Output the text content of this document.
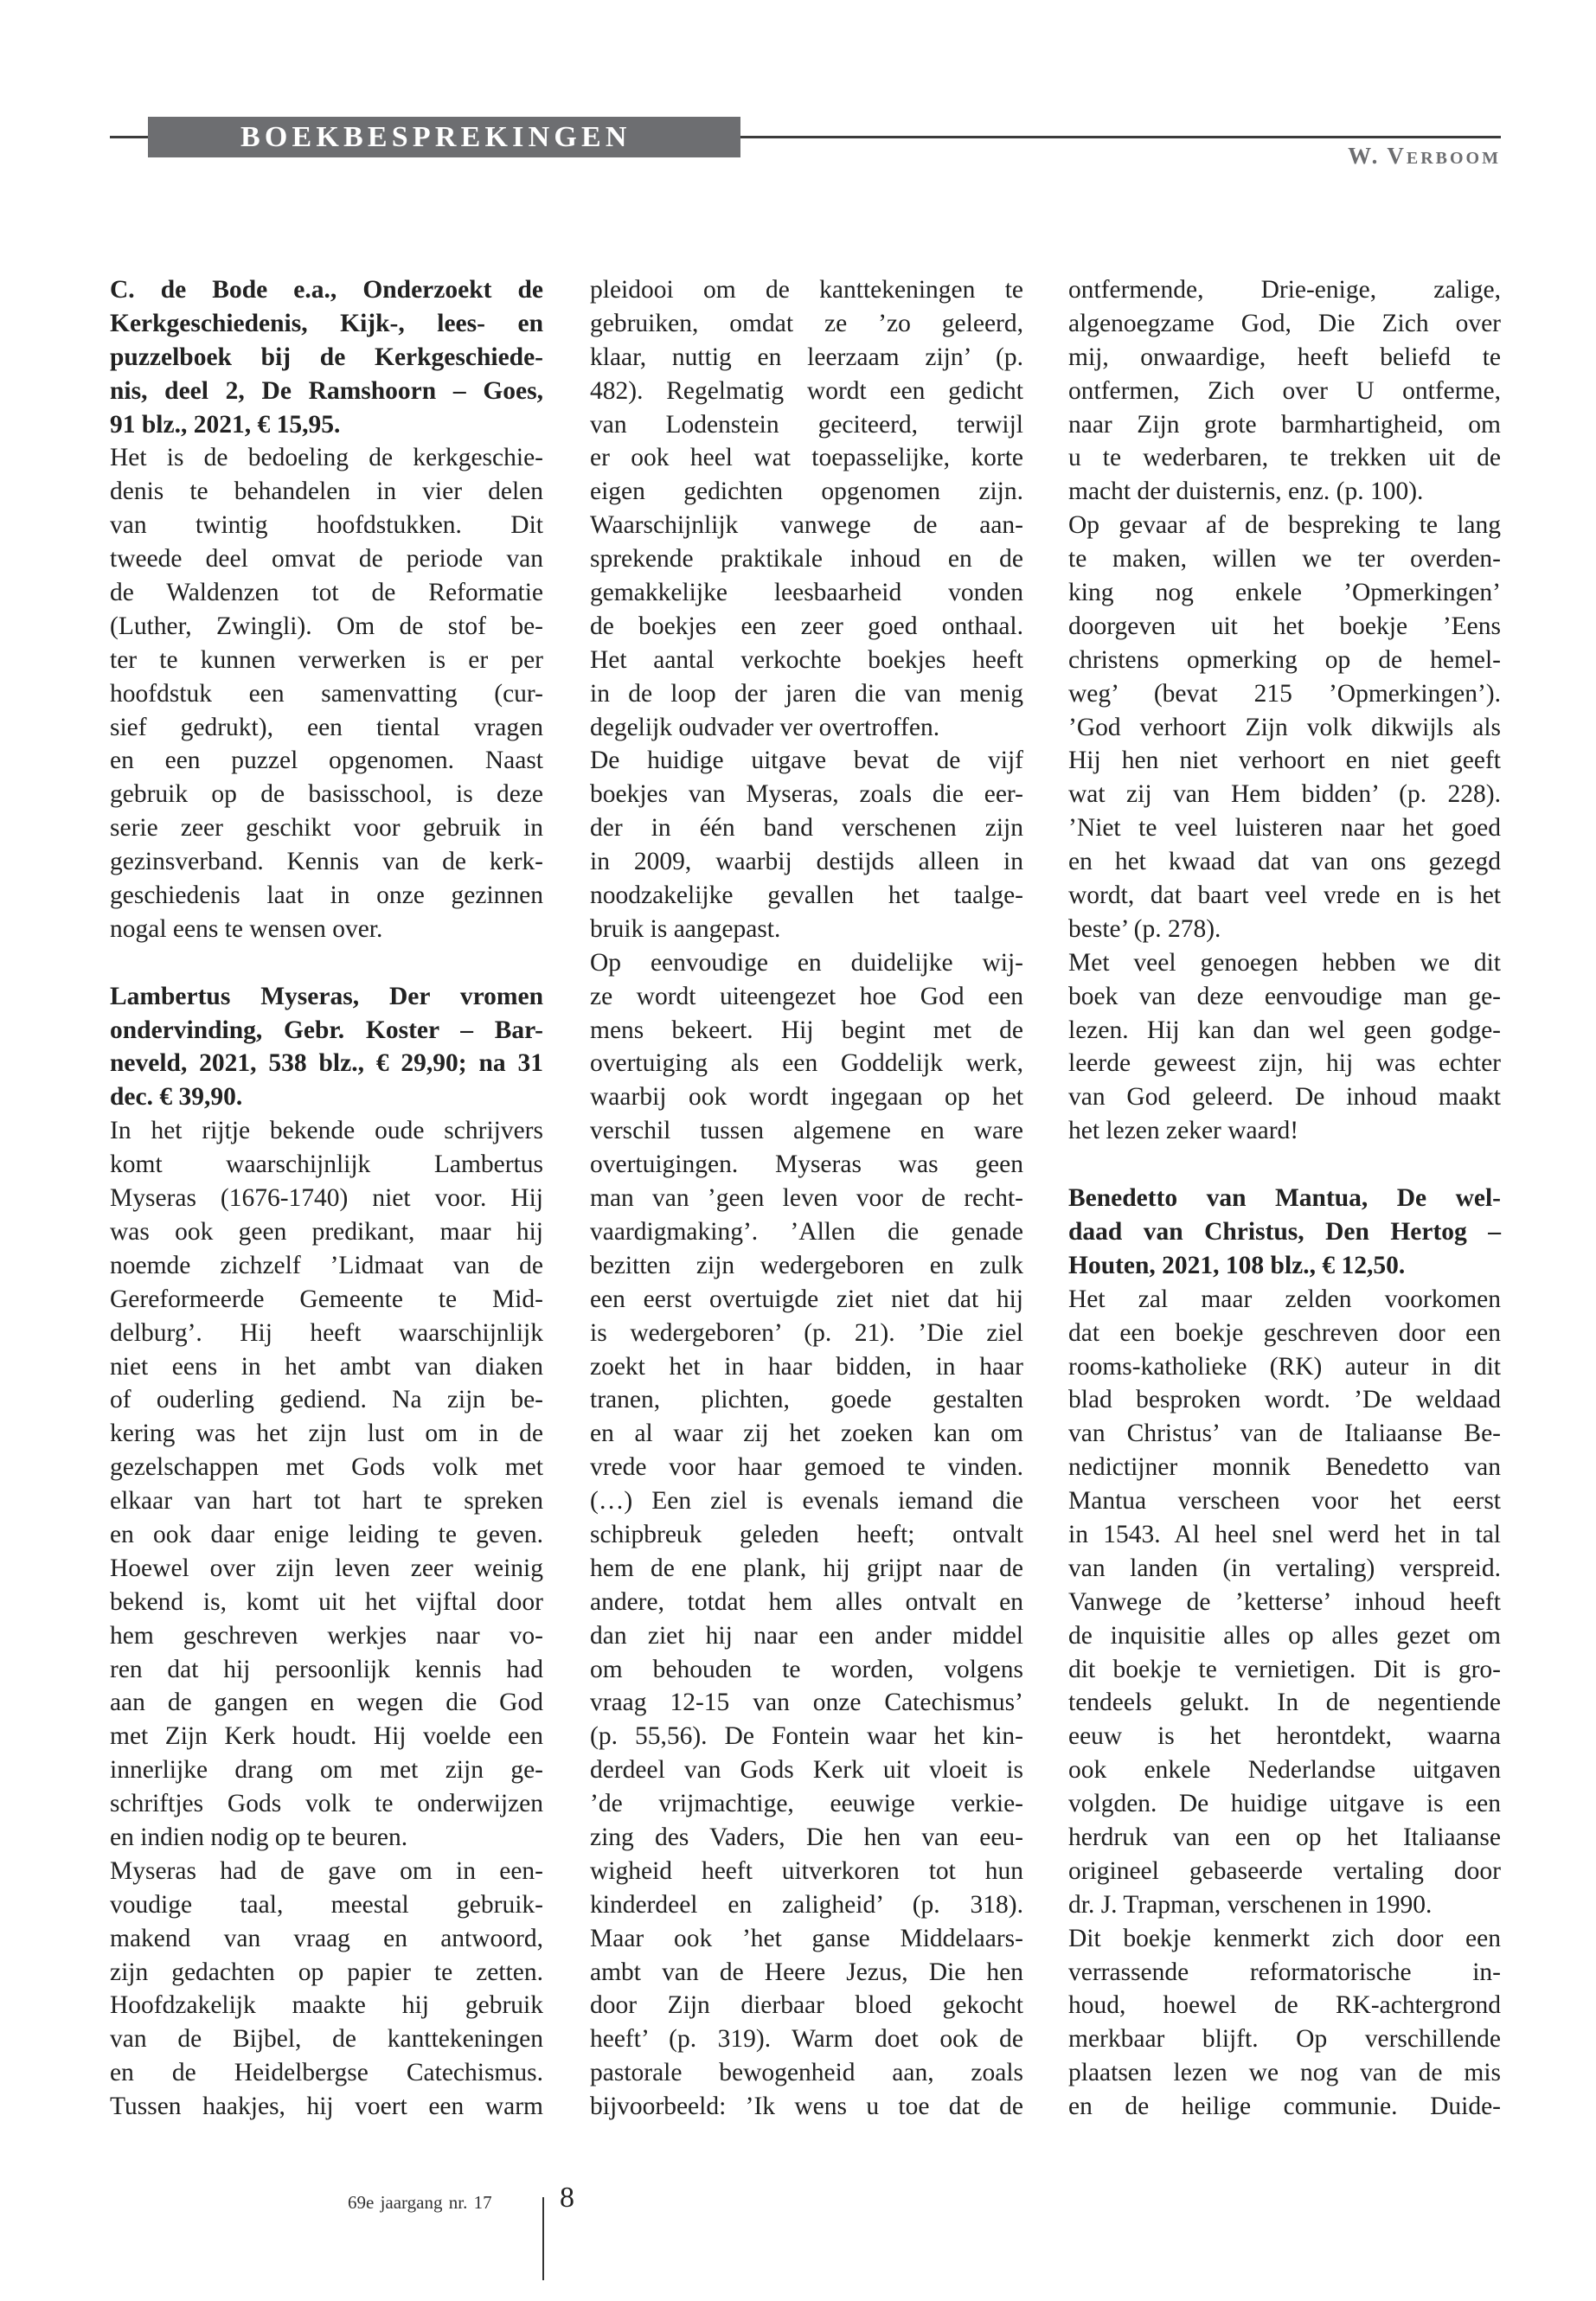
BOEKBESPREKINGEN
W. VERBOOM
C. de Bode e.a., Onderzoekt de
Kerkgeschiedenis, Kijk-, lees- en
puzzelboek bij de Kerkgeschiede-
nis, deel 2, De Ramshoorn – Goes,
91 blz., 2021, € 15,95.
Het is de bedoeling de kerkgeschie-
denis te behandelen in vier delen
van twintig hoofdstukken. Dit
tweede deel omvat de periode van
de Waldenzen tot de Reformatie
(Luther, Zwingli). Om de stof be-
ter te kunnen verwerken is er per
hoofdstuk een samenvatting (cur-
sief gedrukt), een tiental vragen
en een puzzel opgenomen. Naast
gebruik op de basisschool, is deze
serie zeer geschikt voor gebruik in
gezinsverband. Kennis van de kerk-
geschiedenis laat in onze gezinnen
nogal eens te wensen over.
Lambertus Myseras, Der vromen
ondervinding, Gebr. Koster – Bar-
neveld, 2021, 538 blz., € 29,90; na 31
dec. € 39,90.
In het rijtje bekende oude schrijvers
komt waarschijnlijk Lambertus
Myseras (1676-1740) niet voor. Hij
was ook geen predikant, maar hij
noemde zichzelf ’Lidmaat van de
Gereformeerde Gemeente te Mid-
delburg’. Hij heeft waarschijnlijk
niet eens in het ambt van diaken
of ouderling gediend. Na zijn be-
kering was het zijn lust om in de
gezelschappen met Gods volk met
elkaar van hart tot hart te spreken
en ook daar enige leiding te geven.
Hoewel over zijn leven zeer weinig
bekend is, komt uit het vijftal door
hem geschreven werkjes naar vo-
ren dat hij persoonlijk kennis had
aan de gangen en wegen die God
met Zijn Kerk houdt. Hij voelde een
innerlijke drang om met zijn ge-
schriftjes Gods volk te onderwijzen
en indien nodig op te beuren.
Myseras had de gave om in een-
voudige taal, meestal gebruik-
makend van vraag en antwoord,
zijn gedachten op papier te zetten.
Hoofdzakelijk maakte hij gebruik
van de Bijbel, de kanttekeningen
en de Heidelbergse Catechismus.
Tussen haakjes, hij voert een warm
pleidooi om de kanttekeningen te
gebruiken, omdat ze ’zo geleerd,
klaar, nuttig en leerzaam zijn’ (p.
482). Regelmatig wordt een gedicht
van Lodenstein geciteerd, terwijl
er ook heel wat toepasselijke, korte
eigen gedichten opgenomen zijn.
Waarschijnlijk vanwege de aan-
sprekende praktikale inhoud en de
gemakkelijke leesbaarheid vonden
de boekjes een zeer goed onthaal.
Het aantal verkochte boekjes heeft
in de loop der jaren die van menig
degelijk oudvader ver overtroffen.
De huidige uitgave bevat de vijf
boekjes van Myseras, zoals die eer-
der in één band verschenen zijn
in 2009, waarbij destijds alleen in
noodzakelijke gevallen het taalge-
bruik is aangepast.
Op eenvoudige en duidelijke wij-
ze wordt uiteengezet hoe God een
mens bekeert. Hij begint met de
overtuiging als een Goddelijk werk,
waarbij ook wordt ingegaan op het
verschil tussen algemene en ware
overtuigingen. Myseras was geen
man van ’geen leven voor de recht-
vaardigmaking’. ’Allen die genade
bezitten zijn wedergeboren en zulk
een eerst overtuigde ziet niet dat hij
is wedergeboren’ (p. 21). ’Die ziel
zoekt het in haar bidden, in haar
tranen, plichten, goede gestalten
en al waar zij het zoeken kan om
vrede voor haar gemoed te vinden.
(…) Een ziel is evenals iemand die
schipbreuk geleden heeft; ontvalt
hem de ene plank, hij grijpt naar de
andere, totdat hem alles ontvalt en
dan ziet hij naar een ander middel
om behouden te worden, volgens
vraag 12-15 van onze Catechismus’
(p. 55,56). De Fontein waar het kin-
derdeel van Gods Kerk uit vloeit is
’de vrijmachtige, eeuwige verkie-
zing des Vaders, Die hen van eeu-
wigheid heeft uitverkoren tot hun
kinderdeel en zaligheid’ (p. 318).
Maar ook ’het ganse Middelaars-
ambt van de Heere Jezus, Die hen
door Zijn dierbaar bloed gekocht
heeft’ (p. 319). Warm doet ook de
pastorale bewogenheid aan, zoals
bijvoorbeeld: ’Ik wens u toe dat de
ontfermende, Drie-enige, zalige,
algenoegzame God, Die Zich over
mij, onwaardige, heeft beliefd te
ontfermen, Zich over U ontferme,
naar Zijn grote barmhartigheid, om
u te wederbaren, te trekken uit de
macht der duisternis, enz. (p. 100).
Op gevaar af de bespreking te lang
te maken, willen we ter overden-
king nog enkele ’Opmerkingen’
doorgeven uit het boekje ’Eens
christens opmerking op de hemel-
weg’ (bevat 215 ’Opmerkingen’).
’God verhoort Zijn volk dikwijls als
Hij hen niet verhoort en niet geeft
wat zij van Hem bidden’ (p. 228).
’Niet te veel luisteren naar het goed
en het kwaad dat van ons gezegd
wordt, dat baart veel vrede en is het
beste’ (p. 278).
Met veel genoegen hebben we dit
boek van deze eenvoudige man ge-
lezen. Hij kan dan wel geen godge-
leerde geweest zijn, hij was echter
van God geleerd. De inhoud maakt
het lezen zeker waard!
Benedetto van Mantua, De wel-
daad van Christus, Den Hertog –
Houten, 2021, 108 blz., € 12,50.
Het zal maar zelden voorkomen
dat een boekje geschreven door een
rooms-katholieke (RK) auteur in dit
blad besproken wordt. ’De weldaad
van Christus’ van de Italiaanse Be-
nedictijner monnik Benedetto van
Mantua verscheen voor het eerst
in 1543. Al heel snel werd het in tal
van landen (in vertaling) verspreid.
Vanwege de ’ketterse’ inhoud heeft
de inquisitie alles op alles gezet om
dit boekje te vernietigen. Dit is gro-
tendeels gelukt. In de negentiende
eeuw is het herontdekt, waarna
ook enkele Nederlandse uitgaven
volgden. De huidige uitgave is een
herdruk van een op het Italiaanse
origineel gebaseerde vertaling door
dr. J. Trapman, verschenen in 1990.
Dit boekje kenmerkt zich door een
verrassende reformatorische in-
houd, hoewel de RK-achtergrond
merkbaar blijft. Op verschillende
plaatsen lezen we nog van de mis
en de heilige communie. Duide-
69e jaargang nr. 17 8
